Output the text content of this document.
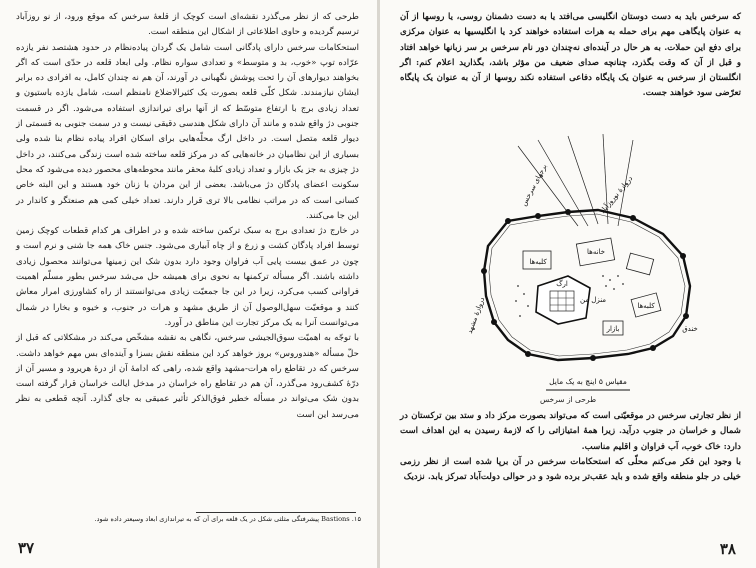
طرحی که از نظر می‌گذرد نقشه‌ای است کوچک از قلعهٔ سرخس که موقع ورود، از نو روزآباد ترسیم گردیده و حاوی اطلاعاتی از اشکال این منطقه است.

استحکامات سرخس دارای پادگانی است شامل یک گردان پیاده‌نظام در حدود هشتصد نفر یازده عرّاده توپ «خوب، بد و متوسط» و تعدادی سواره نظام. ولی ابعاد قلعه در حدّی است که اگر بخواهند دیوارهای آن را تحت پوشش نگهبانی در آورند، آن هم نه چندان کامل، به افرادی ده برابر ایشان نیازمندند. شکل کلّی قلعه بصورت یک کثیرالاضلاع نامنظم است، شامل یازده باستیون و تعداد زیادی برج با ارتفاع متوسّط که از آنها برای تیراندازی استفاده می‌شود. اگر در قسمت جنوبی دژ واقع شده و مانند آن دارای شکل هندسی دقیقی نیست و در سمت جنوبی به قسمتی از دیوار قلعه متصل است. در داخل ارگ محلّه‌هایی برای اسکان افراد پیاده نظام بنا شده ولی بسیاری از این نظامیان در خانه‌هایی که در مرکز قلعه ساخته شده است زندگی می‌کنند، در داخل دژ چیزی به جز یک بازار و تعداد زیادی کلبهٔ محقر مانند محوطه‌های محصور دیده می‌شود که محل سکونت اعضای پادگان دژ می‌باشد. بعضی از این مردان با زنان خود هستند و این البته خاص کسانی است که در مراتب نظامی بالا تری قرار دارند. تعداد خیلی کمی هم صنعتگر و کاندار در این جا می‌کنند.

در خارج دژ تعدادی برج به سبک ترکمن ساخته شده و در اطراف هر کدام قطعات کوچک زمین توسط افراد پادگان کشت و زرع و از چاه آبیاری می‌شود. جنس خاک همه جا شنی و نرم است و چون در عمق بیست پایی آب فراوان وجود دارد بدون شک این زمینها می‌توانند محصول زیادی داشته باشند. اگر مسأله ترکمنها به نحوی برای همیشه حل می‌شد سرخس بطور مسلّم اهمیت فراوانی کسب می‌کرد، زیرا در این جا جمعیّت زیادی می‌توانستند از راه کشاورزی امرار معاش کنند و موقعیّت سهل‌الوصول آن از طریق مشهد و هرات در جنوب، و خیوه و بخارا در شمال می‌توانست آنرا به یک مرکز تجارت این مناطق در آورد.

با توجّه به اهمیّت سوق‌الجیشی سرخس، نگاهی به نقشه مشخّص می‌کند در مشکلاتی که قبل از حلّ مسأله «هندوروس» بروز خواهد کرد این منطقه نقش بسزا و آینده‌ای بس مهم خواهد داشت. سرخس که در تقاطع راه هرات-مشهد واقع شده، راهی که ادامهٔ آن از درهٔ هریرود و مسیر آن از درّهٔ کشف‌رود می‌گذرد، آن هم در تقاطع راه خراسان در مدخل ایالت خراسان قرار گرفته است بدون شک می‌تواند در مسأله خطیر فوق‌الذکر تأثیر عمیقی به جای گذارد. آنچه قطعی به نظر می‌رسد این است

۱۵. Bastions پیشرفتگی مثلثی شکل در یک قلعه برای آن که به تیراندازی ابعاد وسیعتر داده شود.
۳۷
که سرخس باید به دست دوستان انگلیسی می‌افتد یا به دست دشمنان روسی، یا روسها از آن به عنوان پایگاهی مهم برای حمله به هرات استفاده خواهند کرد یا انگلیسیها به عنوان مرکزی برای دفع این حملات. به هر حال در آینده‌ای نه‌چندان دور نام سرخس بر سر زبانها خواهد افتاد و قبل از آن که وقت بگذرد، چنانچه صدای ضعیف من مؤثر باشد، بگذارید اعلام کنم: اگر انگلستان از سرخس به عنوان یک پایگاه دفاعی استفاده نکند روسها از آن به عنوان یک پایگاه تعرّضی سود خواهند جست.
خانه‌ها
کلبه‌ها
کلبه‌ها
بازار
ارگ
منزل من
دروازهٔ نوروزآباد
دروازهٔ مشهد	خندق
برجهای سرخس
مقیاس ۵ اینچ به یک مایل
طرحی از سرخس

از نظر تجارتی سرخس در موقعیّتی است که می‌تواند بصورت مرکز داد و ستد بین ترکستان در شمال و خراسان در جنوب درآید. زیرا همهٔ امتیازاتی را که لازمهٔ رسیدن به این اهداف است دارد: خاک خوب، آب فراوان و اقلیم مناسب.

با وجود این فکر می‌کنم محلّی که استحکامات سرخس در آن برپا شده است از نظر رزمی خیلی در جلو منطقه واقع شده و باید عقب‌تر برده شود و در حوالی دولت‌آباد تمرکز یابد. نزدیک

۳۸
